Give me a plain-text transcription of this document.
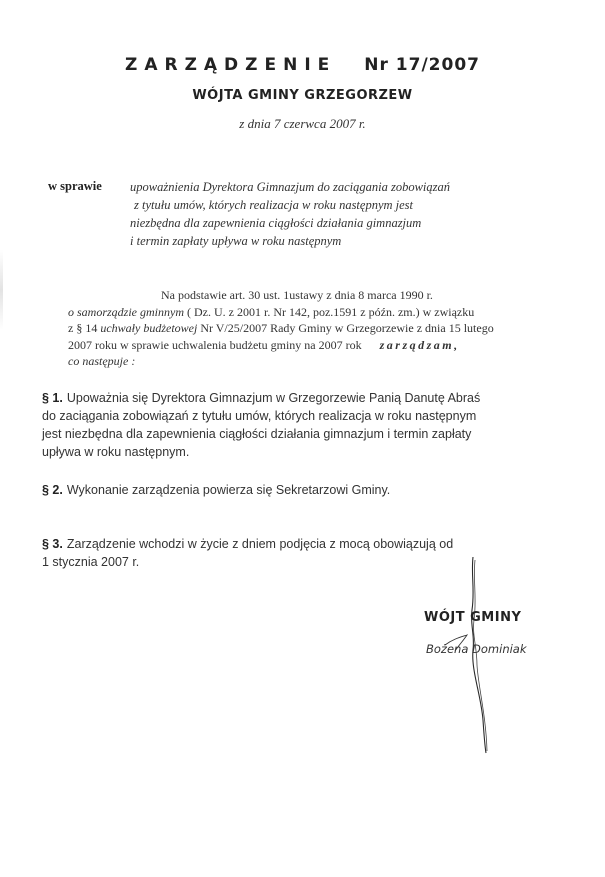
ZARZĄDZENIE Nr 17/2007
WÓJTA GMINY GRZEGORZEW
z dnia 7 czerwca 2007 r.
w sprawie upoważnienia Dyrektora Gimnazjum do zaciągania zobowiązań
z tytułu umów, których realizacja w roku następnym jest
niezbędna dla zapewnienia ciągłości działania gimnazjum
i termin zapłaty upływa w roku następnym
Na podstawie art. 30 ust. 1ustawy z dnia 8 marca 1990 r.
o samorządzie gminnym ( Dz. U. z 2001 r. Nr 142, poz.1591 z późn. zm.) w związku
z § 14 uchwały budżetowej Nr V/25/2007 Rady Gminy w Grzegorzewie z dnia 15 lutego
2007 roku w sprawie uchwalenia budżetu gminy na 2007 rok zarządzam,
co następuje :
§ 1. Upoważnia się Dyrektora Gimnazjum w Grzegorzewie Panią Danutę Abraś
do zaciągania zobowiązań z tytułu umów, których realizacja w roku następnym
jest niezbędna dla zapewnienia ciągłości działania gimnazjum i termin zapłaty
upływa w roku następnym.
§ 2. Wykonanie zarządzenia powierza się Sekretarzowi Gminy.
§ 3. Zarządzenie wchodzi w życie z dniem podjęcia z mocą obowiązują od
1 stycznia 2007 r.
WÓJT GMINY
Bożena Dominiak
